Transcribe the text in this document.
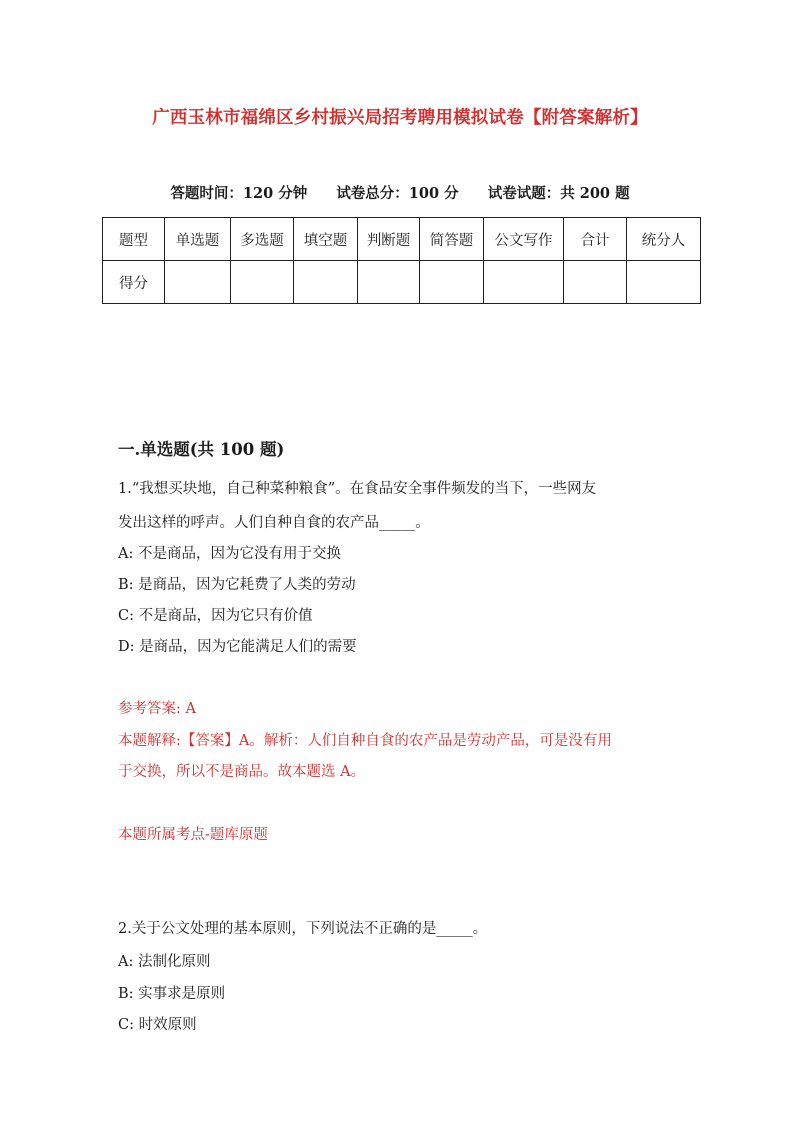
广西玉林市福绵区乡村振兴局招考聘用模拟试卷【附答案解析】
答题时间：120 分钟 试卷总分：100 分 试卷试题：共 200 题
题型	单选题	多选题	填空题	判断题	简答题	公文写作	合计	统分人
得分								
一.单选题(共 100 题)
1.“我想买块地，自己种菜种粮食”。在食品安全事件频发的当下，一些网友
发出这样的呼声。人们自种自食的农产品_____。
A: 不是商品，因为它没有用于交换
B: 是商品，因为它耗费了人类的劳动
C: 不是商品，因为它只有价值
D: 是商品，因为它能满足人们的需要
参考答案: A
本题解释:【答案】A。解析：人们自种自食的农产品是劳动产品，可是没有用
于交换，所以不是商品。故本题选 A。
本题所属考点-题库原题
2.关于公文处理的基本原则，下列说法不正确的是_____。
A: 法制化原则
B: 实事求是原则
C: 时效原则
